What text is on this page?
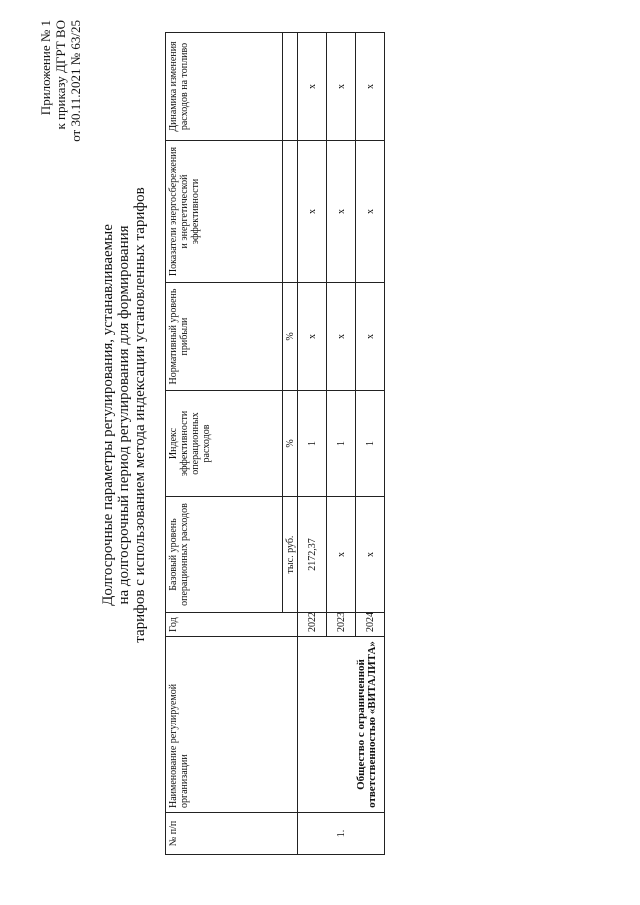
Приложение № 1 к приказу ДГРТ ВО от 30.11.2021 № 63/25
Долгосрочные параметры регулирования, устанавливаемые на долгосрочный период регулирования для формирования тарифов с использованием метода индексации установленных тарифов
№ п/п	Наименование регулируемой организации	Год	Базовый уровень операционных расходов	Индекс эффективности операционных расходов	Нормативный уровень прибыли	Показатели энергосбережения и энергетической эффективности	Динамика изменения расходов на топливо
			тыс. руб.	%	%		
1.	Общество с ограниченной ответственностью «ВИТАЛИТА»	2022	2172,37	1	х	х	х
		2023	х	1	х	х	х
		2024	х	1	х	х	х
